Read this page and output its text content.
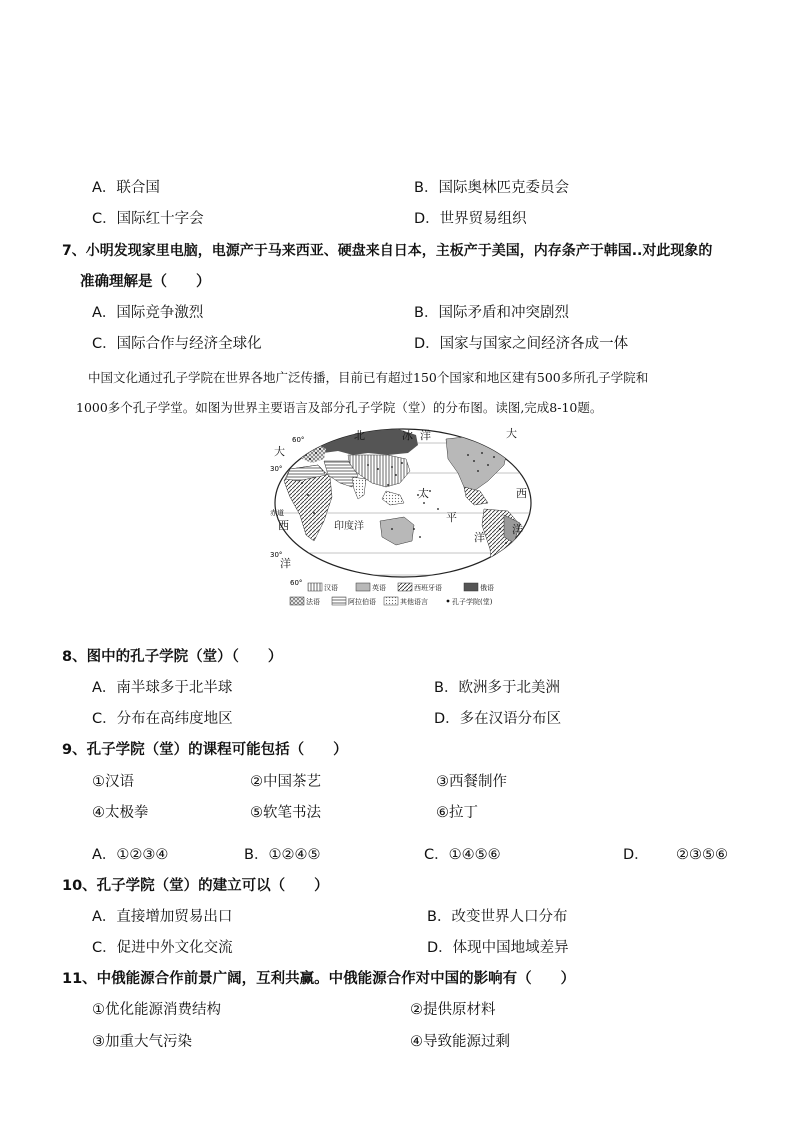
A．联合国	B．国际奥林匹克委员会
C．国际红十字会	D．世界贸易组织
7、小明发现家里电脑，电源产于马来西亚、硬盘来自日本，主板产于美国，内存条产于韩国..对此现象的
准确理解是（　　）
A．国际竞争激烈	B．国际矛盾和冲突剧烈
C．国际合作与经济全球化	D．国家与国家之间经济各成一体
中国文化通过孔子学院在世界各地广泛传播，目前已有超过150个国家和地区建有500多所孔子学院和
1000多个孔子学堂。如图为世界主要语言及部分孔子学院（堂）的分布图。读图,完成8-10题。
60°
30°
赤道
30°
60°
北	冰 洋	大
西
洋
太
平
洋
印度洋
大
西
洋
汉语	英语	西班牙语	俄语
法语	阿拉伯语	其他语言	孔子学院(堂)
8、图中的孔子学院（堂）（　　）
A．南半球多于北半球	B．欧洲多于北美洲
C．分布在高纬度地区	D．多在汉语分布区
9、孔子学院（堂）的课程可能包括（　　）
①汉语	②中国茶艺	③西餐制作
④太极拳	⑤软笔书法	⑥拉丁
A．①②③④	B．①②④⑤	C．①④⑤⑥	D． ②③⑤⑥
10、孔子学院（堂）的建立可以（　　）
A．直接增加贸易出口	B．改变世界人口分布
C．促进中外文化交流	D．体现中国地域差异
11、中俄能源合作前景广阔，互利共赢。中俄能源合作对中国的影响有（　　）
①优化能源消费结构	②提供原材料
③加重大气污染	④导致能源过剩
